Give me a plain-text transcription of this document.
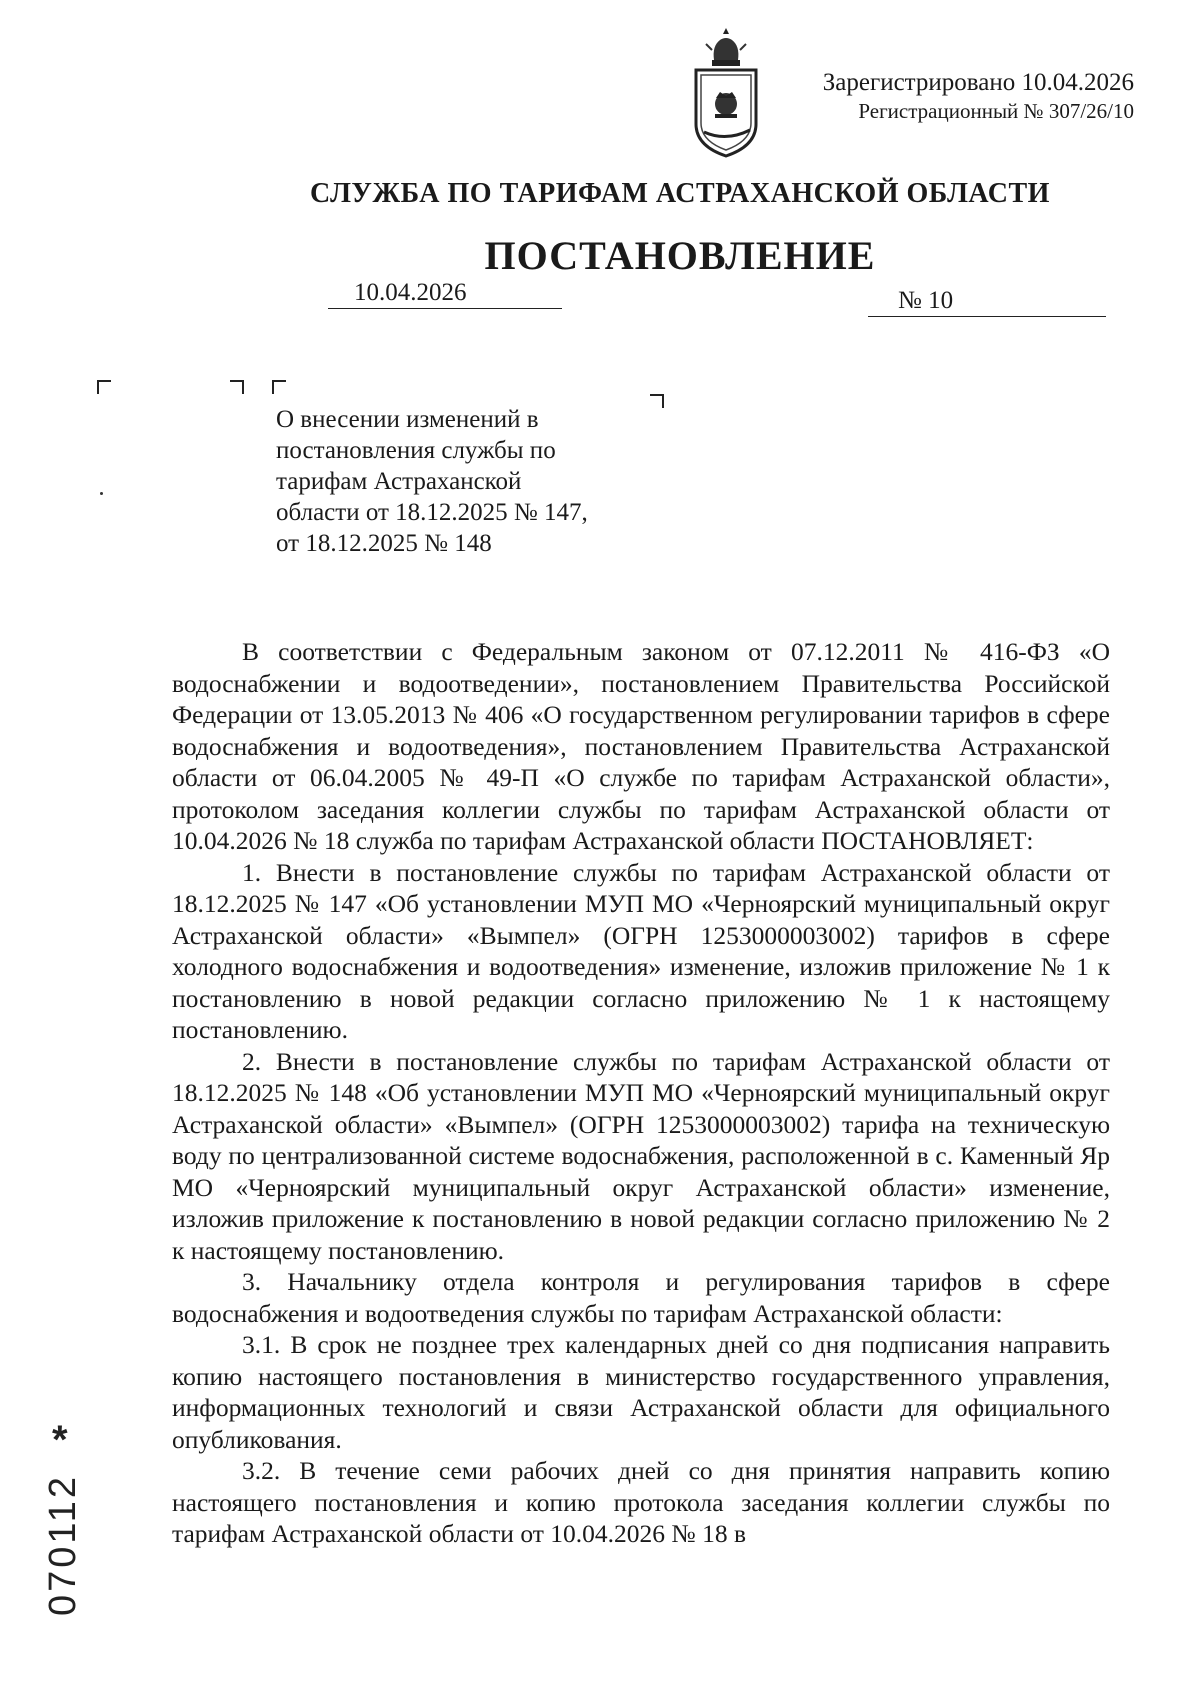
Зарегистрировано 10.04.2026
Регистрационный № 307/26/10
СЛУЖБА ПО ТАРИФАМ АСТРАХАНСКОЙ ОБЛАСТИ
ПОСТАНОВЛЕНИЕ
10.04.2026	№ 10
О внесении изменений в
постановления службы по
тарифам Астраханской
области от 18.12.2025 № 147,
от 18.12.2025 № 148

В соответствии с Федеральным законом от 07.12.2011 № 416-ФЗ «О водоснабжении и водоотведении», постановлением Правительства Российской Федерации от 13.05.2013 № 406 «О государственном регулировании тарифов в сфере водоснабжения и водоотведения», постановлением Правительства Астраханской области от 06.04.2005 № 49-П «О службе по тарифам Астраханской области», протоколом заседания коллегии службы по тарифам Астраханской области от 10.04.2026 № 18 служба по тарифам Астраханской области ПОСТАНОВЛЯЕТ:

1. Внести в постановление службы по тарифам Астраханской области от 18.12.2025 № 147 «Об установлении МУП МО «Черноярский муниципальный округ Астраханской области» «Вымпел» (ОГРН 1253000003002) тарифов в сфере холодного водоснабжения и водоотведения» изменение, изложив приложение № 1 к постановлению в новой редакции согласно приложению № 1 к настоящему постановлению.

2. Внести в постановление службы по тарифам Астраханской области от 18.12.2025 № 148 «Об установлении МУП МО «Черноярский муниципальный округ Астраханской области» «Вымпел» (ОГРН 1253000003002) тарифа на техническую воду по централизованной системе водоснабжения, расположенной в с. Каменный Яр МО «Черноярский муниципальный округ Астраханской области» изменение, изложив приложение к постановлению в новой редакции согласно приложению № 2 к настоящему постановлению.

3. Начальнику отдела контроля и регулирования тарифов в сфере водоснабжения и водоотведения службы по тарифам Астраханской области:

3.1. В срок не позднее трех календарных дней со дня подписания направить копию настоящего постановления в министерство государственного управления, информационных технологий и связи Астраханской области для официального опубликования.

3.2. В течение семи рабочих дней со дня принятия направить копию настоящего постановления и копию протокола заседания коллегии службы по тарифам Астраханской области от 10.04.2026 № 18 в

*
070112
